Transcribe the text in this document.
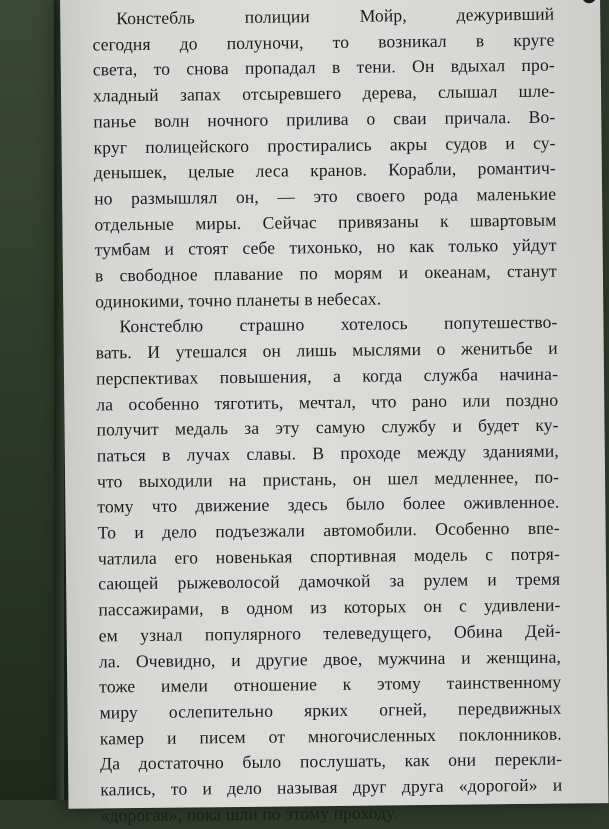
Констебль полиции Мойр, дежуривший
сегодня до полуночи, то возникал в круге
света, то снова пропадал в тени. Он вдыхал про-
хладный запах отсыревшего дерева, слышал шле-
панье волн ночного прилива о сваи причала. Во-
круг полицейского простирались акры судов и су-
денышек, целые леса кранов. Корабли, романтич-
но размышлял он, — это своего рода маленькие
отдельные миры. Сейчас привязаны к швартовым
тумбам и стоят себе тихонько, но как только уйдут
в свободное плавание по морям и океанам, станут
одинокими, точно планеты в небесах.

Констеблю страшно хотелось попутешество-
вать. И утешался он лишь мыслями о женитьбе и
перспективах повышения, а когда служба начина-
ла особенно тяготить, мечтал, что рано или поздно
получит медаль за эту самую службу и будет ку-
паться в лучах славы. В проходе между зданиями,
что выходили на пристань, он шел медленнее, по-
тому что движение здесь было более оживленное.
То и дело подъезжали автомобили. Особенно впе-
чатлила его новенькая спортивная модель с потря-
сающей рыжеволосой дамочкой за рулем и тремя
пассажирами, в одном из которых он с удивлени-
ем узнал популярного телеведущего, Обина Дей-
ла. Очевидно, и другие двое, мужчина и женщина,
тоже имели отношение к этому таинственному
миру ослепительно ярких огней, передвижных
камер и писем от многочисленных поклонников.
Да достаточно было послушать, как они перекли-
кались, то и дело называя друг друга «дорогой» и
«дорогая», пока шли по этому проходу.
